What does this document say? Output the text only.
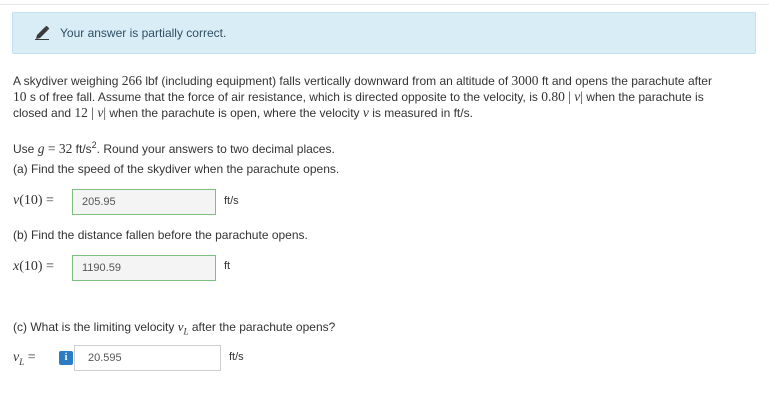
Your answer is partially correct.
A skydiver weighing 266 lbf (including equipment) falls vertically downward from an altitude of 3000 ft and opens the parachute after
10 s of free fall. Assume that the force of air resistance, which is directed opposite to the velocity, is 0.80 | v| when the parachute is
closed and 12 | v| when the parachute is open, where the velocity v is measured in ft/s.
Use g = 32 $ft/s^2$. Round your answers to two decimal places.
(a) Find the speed of the skydiver when the parachute opens.
v(10) =	205.95	ft/s
(b) Find the distance fallen before the parachute opens.
x(10) =	1190.59	ft
(c) What is the limiting velocity $v_L$ after the parachute opens?
$v_L$ =	i	20.595	ft/s
